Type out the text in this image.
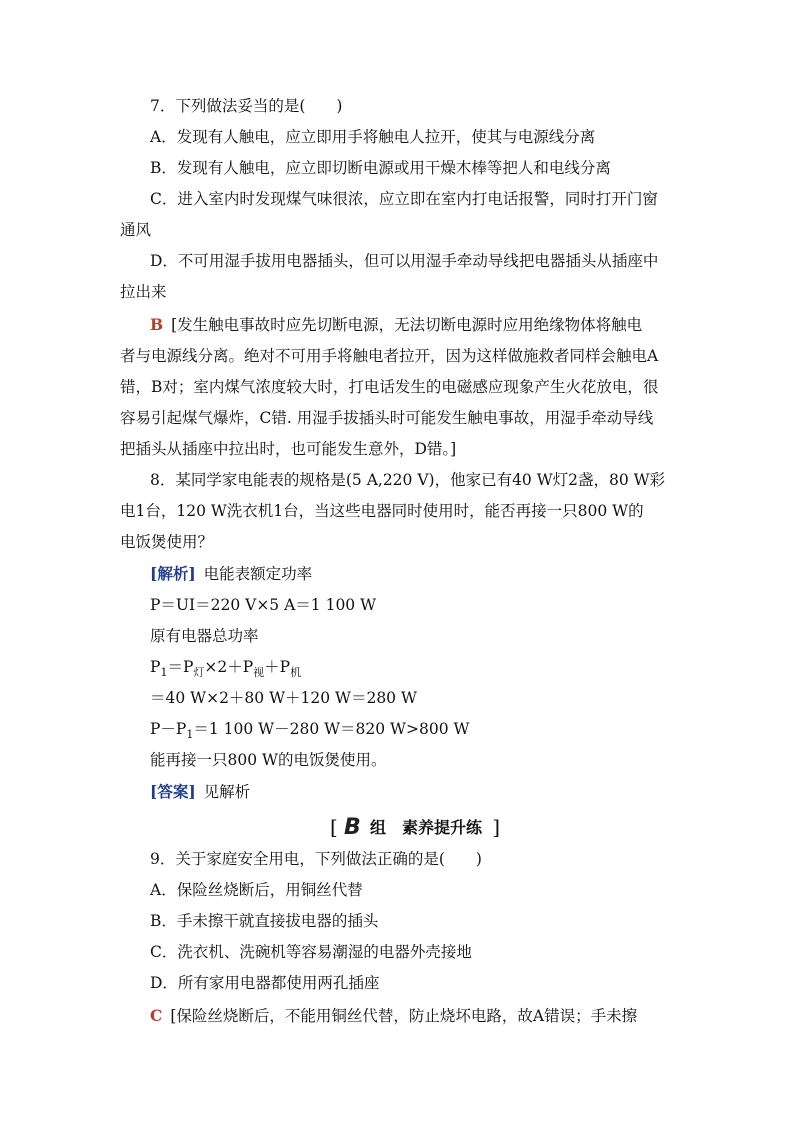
7．下列做法妥当的是(　　)
A．发现有人触电，应立即用手将触电人拉开，使其与电源线分离
B．发现有人触电，应立即切断电源或用干燥木棒等把人和电线分离
C．进入室内时发现煤气味很浓，应立即在室内打电话报警，同时打开门窗
通风
D．不可用湿手拔用电器插头，但可以用湿手牵动导线把电器插头从插座中
拉出来
B [发生触电事故时应先切断电源，无法切断电源时应用绝缘物体将触电
者与电源线分离。绝对不可用手将触电者拉开，因为这样做施救者同样会触电A
错，B对；室内煤气浓度较大时，打电话发生的电磁感应现象产生火花放电，很
容易引起煤气爆炸，C错. 用湿手拔插头时可能发生触电事故，用湿手牵动导线
把插头从插座中拉出时，也可能发生意外，D错。]
8．某同学家电能表的规格是(5 A,220 V)，他家已有40 W灯2盏，80 W彩
电1台，120 W洗衣机1台，当这些电器同时使用时，能否再接一只800 W的
电饭煲使用？
[解析] 电能表额定功率
P＝UI＝220 V×5 A＝1 100 W
原有电器总功率
$P_1=P_灯\times 2+P_视+P_机$
＝40 W×2＋80 W＋120 W＝280 W
$P-P_1=1$ 100 W－280 W＝820 W>800 W
能再接一只800 W的电饭煲使用。
[答案] 见解析
[ B 组　素养提升练 ]
9．关于家庭安全用电，下列做法正确的是(　　)
A．保险丝烧断后，用铜丝代替
B．手未擦干就直接拔电器的插头
C．洗衣机、洗碗机等容易潮湿的电器外壳接地
D．所有家用电器都使用两孔插座
C [保险丝烧断后，不能用铜丝代替，防止烧坏电路，故A错误；手未擦
